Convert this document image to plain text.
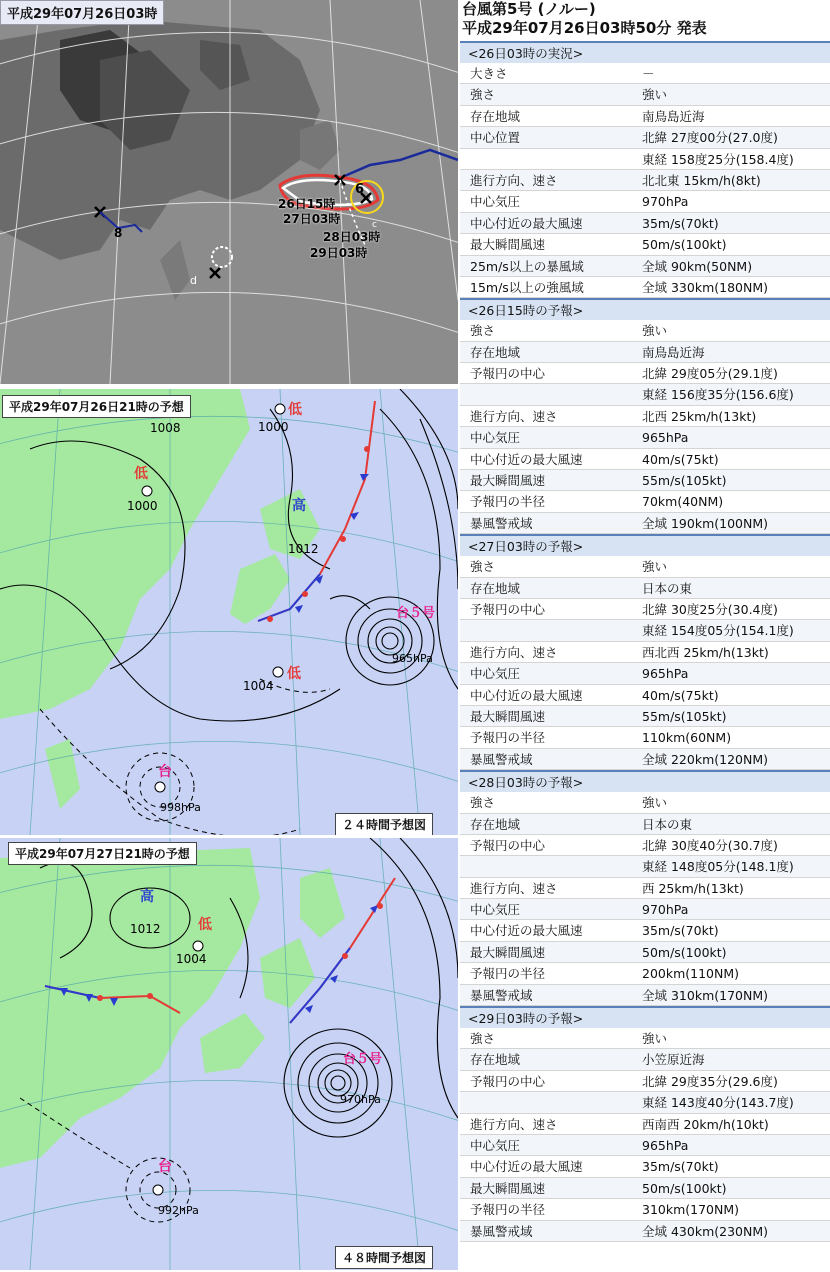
平成29年07月26日03時
26日15時
27日03時
28日03時
29日03時
6
8
d
c
平成29年07月26日21時の予想
1008	1000
1000
1012
1004
965hPa
998hPa
低
低
高
低
台５号
台
２４時間予想図
平成29年07月27日21時の予想
1012
1004
970hPa
992hPa
高
低
台５号
台
４８時間予想図
台風第5号 (ノルー)
平成29年07月26日03時50分 発表
<26日03時の実況>
大きさ	－
強さ	強い
存在地域	南鳥島近海
中心位置	北緯 27度00分(27.0度)
東経 158度25分(158.4度)
進行方向、速さ	北北東 15km/h(8kt)
中心気圧	970hPa
中心付近の最大風速	35m/s(70kt)
最大瞬間風速	50m/s(100kt)
25m/s以上の暴風域	全域 90km(50NM)
15m/s以上の強風域	全域 330km(180NM)
<26日15時の予報>
強さ	強い
存在地域	南鳥島近海
予報円の中心	北緯 29度05分(29.1度)
東経 156度35分(156.6度)
進行方向、速さ	北西 25km/h(13kt)
中心気圧	965hPa
中心付近の最大風速	40m/s(75kt)
最大瞬間風速	55m/s(105kt)
予報円の半径	70km(40NM)
暴風警戒域	全域 190km(100NM)
<27日03時の予報>
強さ	強い
存在地域	日本の東
予報円の中心	北緯 30度25分(30.4度)
東経 154度05分(154.1度)
進行方向、速さ	西北西 25km/h(13kt)
中心気圧	965hPa
中心付近の最大風速	40m/s(75kt)
最大瞬間風速	55m/s(105kt)
予報円の半径	110km(60NM)
暴風警戒域	全域 220km(120NM)
<28日03時の予報>
強さ	強い
存在地域	日本の東
予報円の中心	北緯 30度40分(30.7度)
東経 148度05分(148.1度)
進行方向、速さ	西 25km/h(13kt)
中心気圧	970hPa
中心付近の最大風速	35m/s(70kt)
最大瞬間風速	50m/s(100kt)
予報円の半径	200km(110NM)
暴風警戒域	全域 310km(170NM)
<29日03時の予報>
強さ	強い
存在地域	小笠原近海
予報円の中心	北緯 29度35分(29.6度)
東経 143度40分(143.7度)
進行方向、速さ	西南西 20km/h(10kt)
中心気圧	965hPa
中心付近の最大風速	35m/s(70kt)
最大瞬間風速	50m/s(100kt)
予報円の半径	310km(170NM)
暴風警戒域	全域 430km(230NM)
